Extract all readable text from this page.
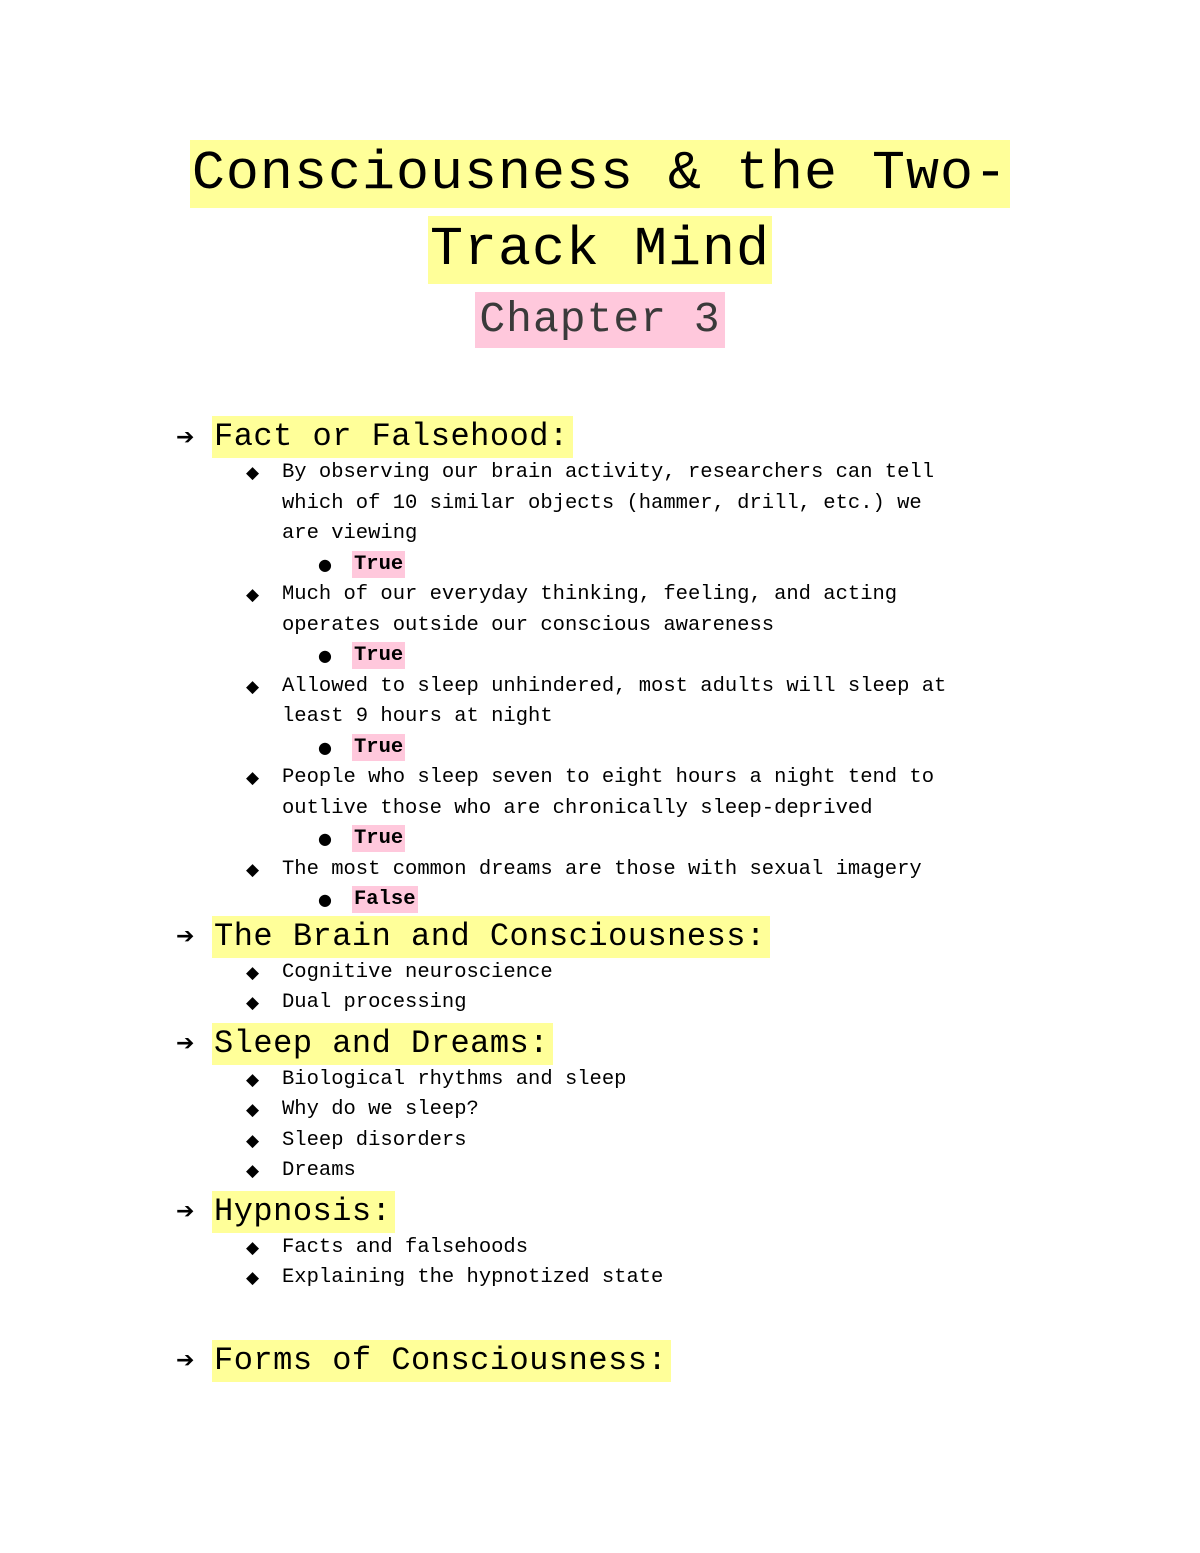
Consciousness & the Two-
Track Mind
Chapter 3
➔ Fact or Falsehood:
◆ By observing our brain activity, researchers can tell
which of 10 similar objects (hammer, drill, etc.) we
are viewing
● True
◆ Much of our everyday thinking, feeling, and acting
operates outside our conscious awareness
● True
◆ Allowed to sleep unhindered, most adults will sleep at
least 9 hours at night
● True
◆ People who sleep seven to eight hours a night tend to
outlive those who are chronically sleep-deprived
● True
◆ The most common dreams are those with sexual imagery
● False
➔ The Brain and Consciousness:
◆ Cognitive neuroscience
◆ Dual processing
➔ Sleep and Dreams:
◆ Biological rhythms and sleep
◆ Why do we sleep?
◆ Sleep disorders
◆ Dreams
➔ Hypnosis:
◆ Facts and falsehoods
◆ Explaining the hypnotized state
➔ Forms of Consciousness:
